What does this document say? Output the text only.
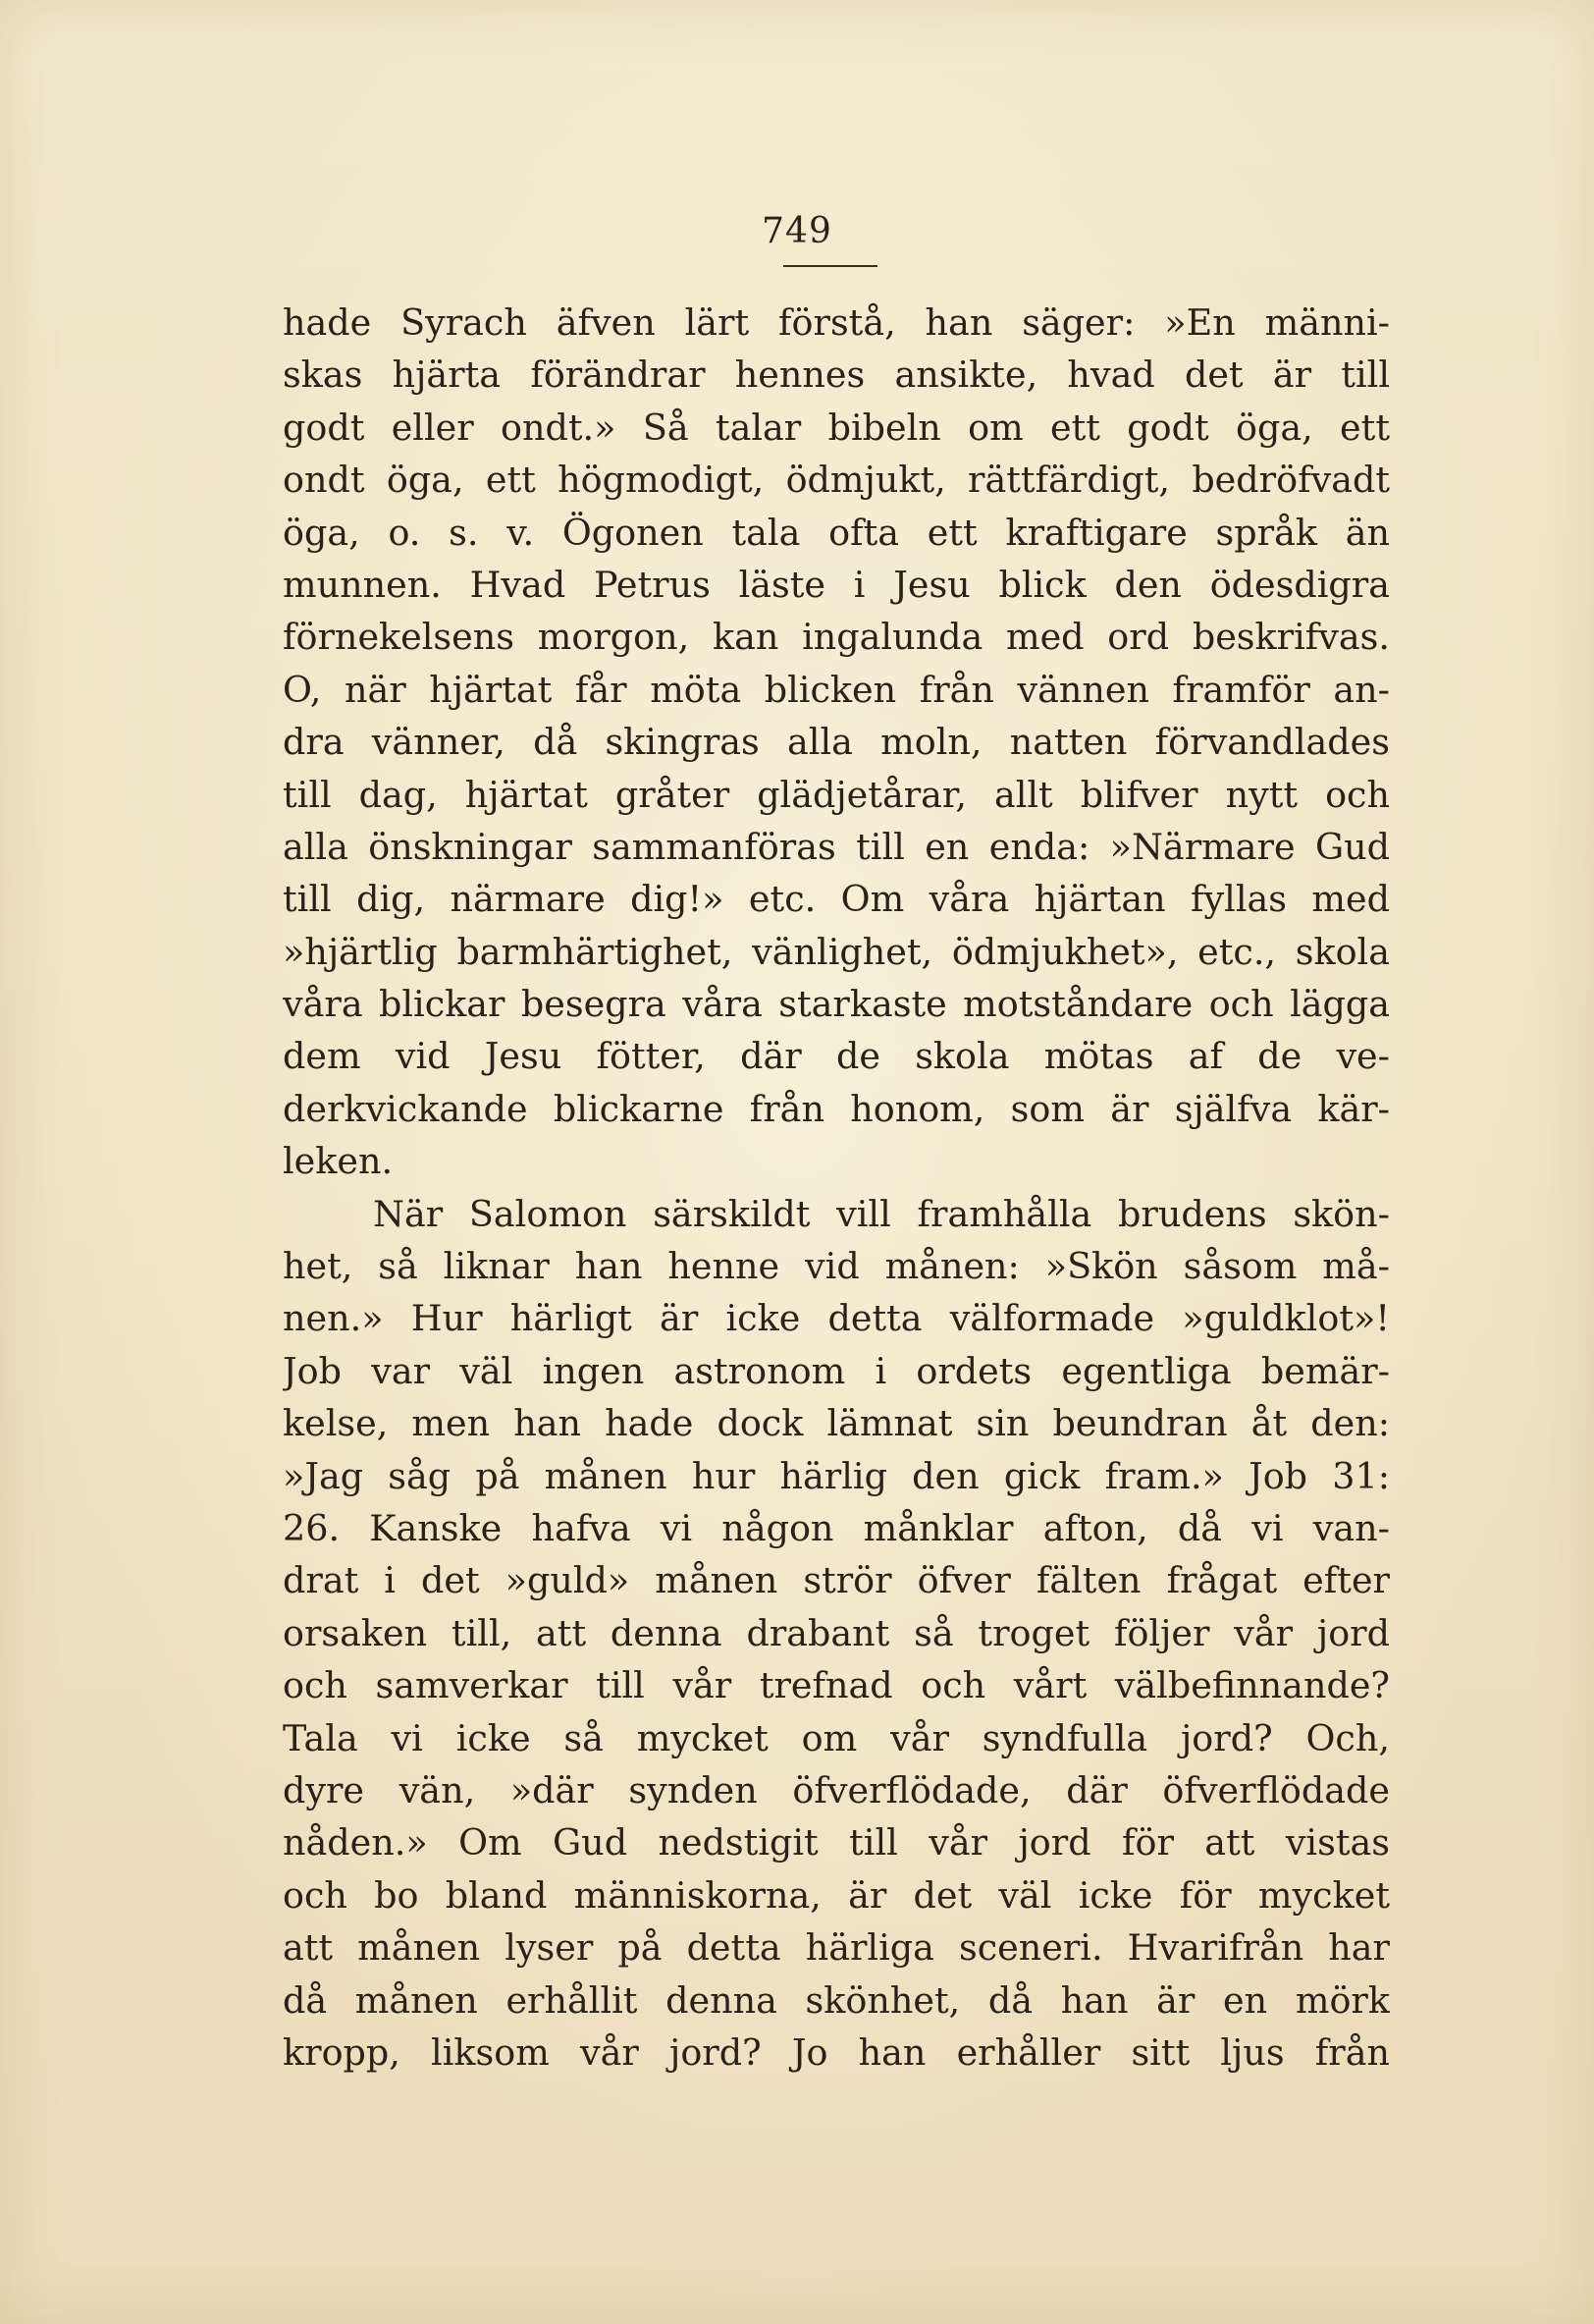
749
hade Syrach äfven lärt förstå, han säger: »En männi-
skas hjärta förändrar hennes ansikte, hvad det är till
godt eller ondt.» Så talar bibeln om ett godt öga, ett
ondt öga, ett högmodigt, ödmjukt, rättfärdigt, bedröfvadt
öga, o. s. v. Ögonen tala ofta ett kraftigare språk än
munnen. Hvad Petrus läste i Jesu blick den ödesdigra
förnekelsens morgon, kan ingalunda med ord beskrifvas.
O, när hjärtat får möta blicken från vännen framför an-
dra vänner, då skingras alla moln, natten förvandlades
till dag, hjärtat gråter glädjetårar, allt blifver nytt och
alla önskningar sammanföras till en enda: »Närmare Gud
till dig, närmare dig!» etc. Om våra hjärtan fyllas med
»hjärtlig barmhärtighet, vänlighet, ödmjukhet», etc., skola
våra blickar besegra våra starkaste motståndare och lägga
dem vid Jesu fötter, där de skola mötas af de ve-
derkvickande blickarne från honom, som är själfva kär-
leken.
När Salomon särskildt vill framhålla brudens skön-
het, så liknar han henne vid månen: »Skön såsom må-
nen.» Hur härligt är icke detta välformade »guldklot»!
Job var väl ingen astronom i ordets egentliga bemär-
kelse, men han hade dock lämnat sin beundran åt den:
»Jag såg på månen hur härlig den gick fram.» Job 31:
26. Kanske hafva vi någon månklar afton, då vi van-
drat i det »guld» månen strör öfver fälten frågat efter
orsaken till, att denna drabant så troget följer vår jord
och samverkar till vår trefnad och vårt välbefinnande?
Tala vi icke så mycket om vår syndfulla jord? Och,
dyre vän, »där synden öfverflödade, där öfverflödade
nåden.» Om Gud nedstigit till vår jord för att vistas
och bo bland människorna, är det väl icke för mycket
att månen lyser på detta härliga sceneri. Hvarifrån har
då månen erhållit denna skönhet, då han är en mörk
kropp, liksom vår jord? Jo han erhåller sitt ljus från
